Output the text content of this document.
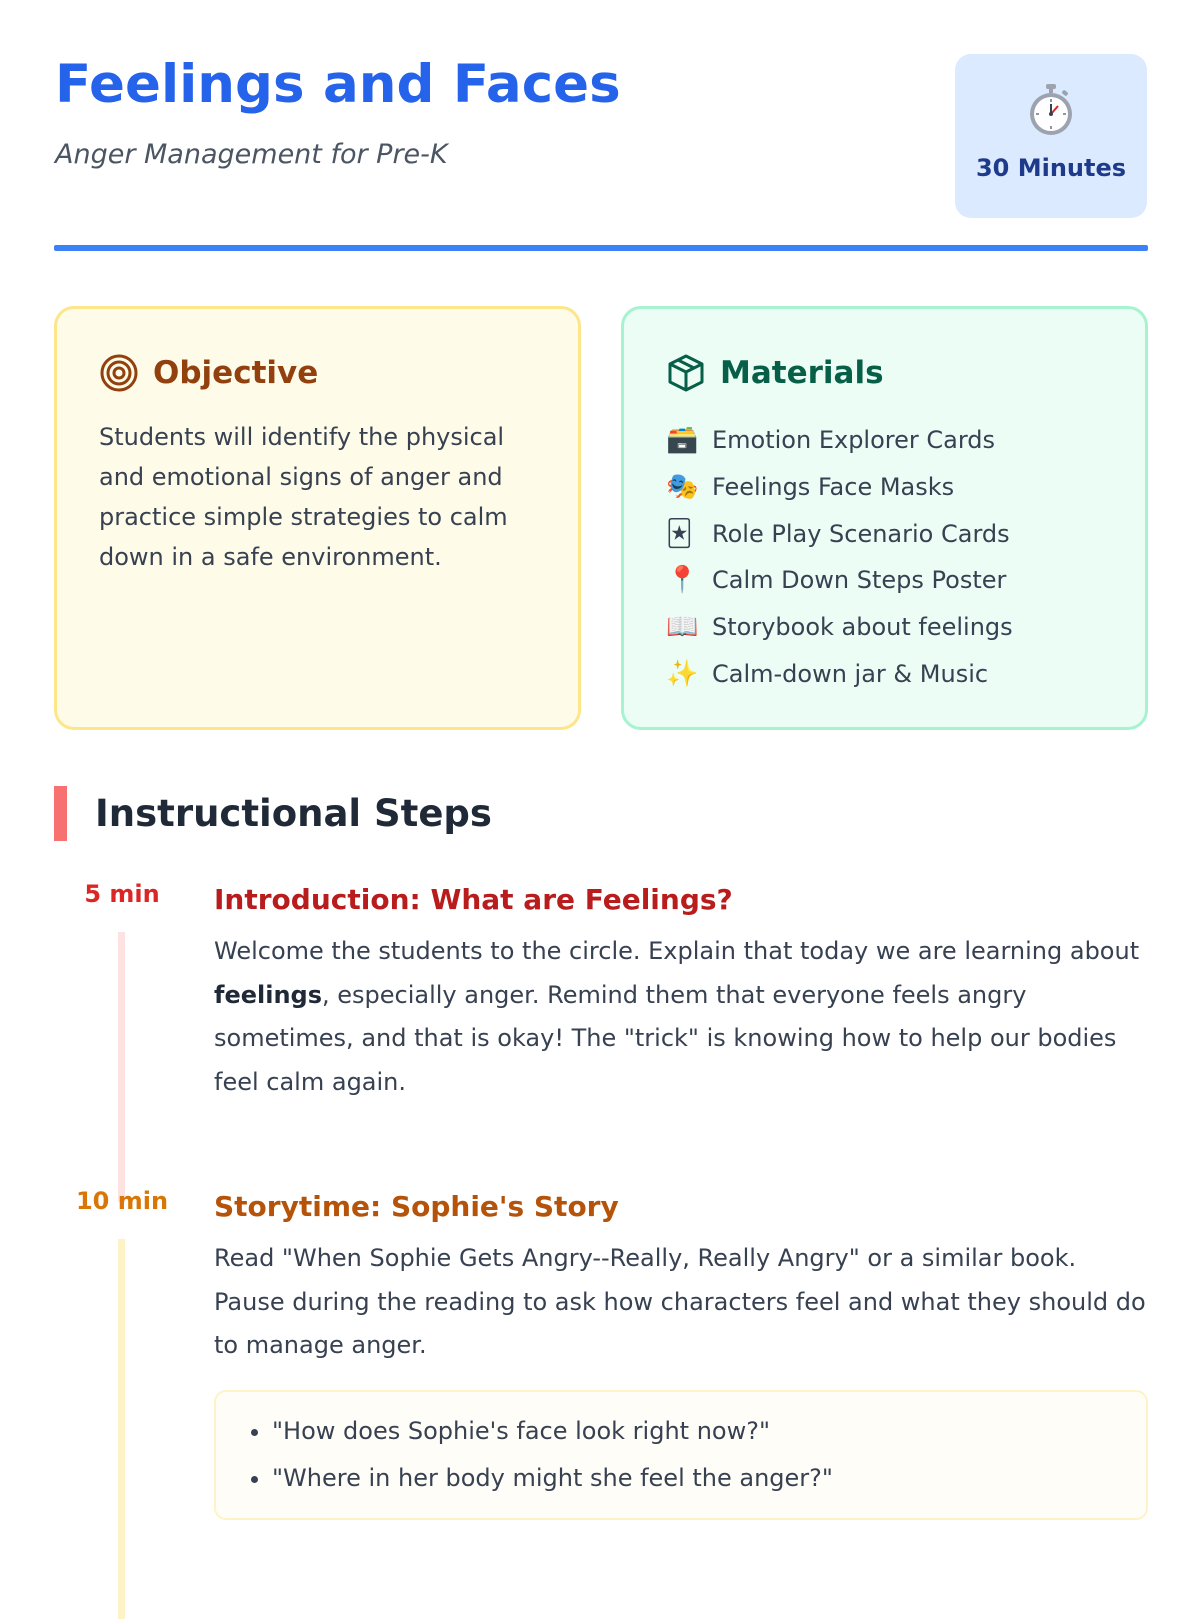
Feelings and Faces
Anger Management for Pre-K	30 Minutes
Objective
Students will identify the physical and emotional signs of anger and practice simple strategies to calm down in a safe environment.
Materials
🗃️ Emotion Explorer Cards
🎭 Feelings Face Masks
🃏 Role Play Scenario Cards
📍 Calm Down Steps Poster
📖 Storybook about feelings
✨ Calm-down jar & Music
Instructional Steps
5 min	Introduction: What are Feelings?
Welcome the students to the circle. Explain that today we are learning about feelings, especially anger. Remind them that everyone feels angry sometimes, and that is okay! The "trick" is knowing how to help our bodies feel calm again.
10 min	Storytime: Sophie's Story
Read "When Sophie Gets Angry--Really, Really Angry" or a similar book. Pause during the reading to ask how characters feel and what they should do to manage anger.
• "How does Sophie's face look right now?"
• "Where in her body might she feel the anger?"
